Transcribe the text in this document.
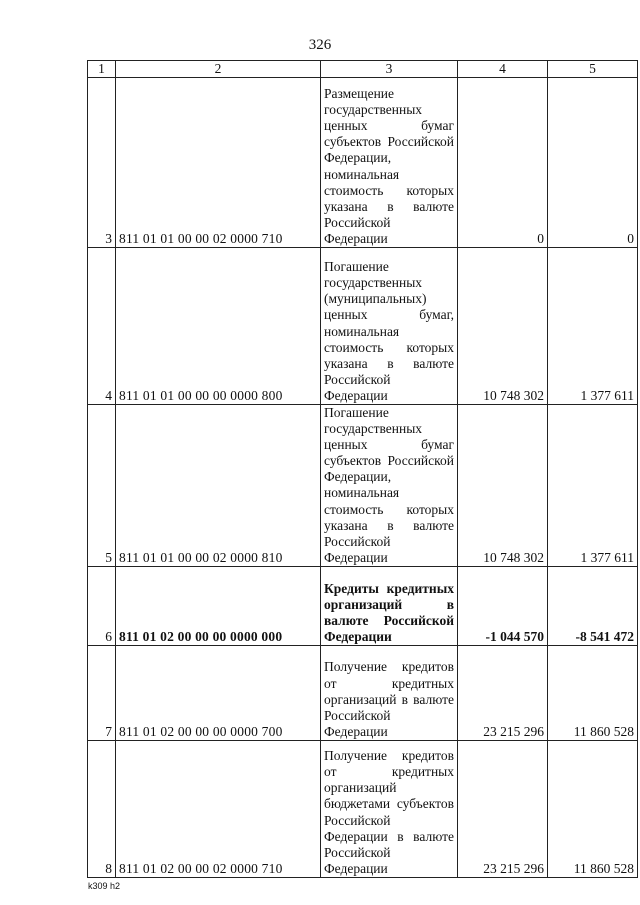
326
1	2	3	4	5
3	811 01 01 00 00 02 0000 710	Размещение государственных ценных бумаг субъектов Российской Федерации, номинальная стоимость которых указана в валюте Российской Федерации	0	0
4	811 01 01 00 00 00 0000 800	Погашение государственных (муниципальных) ценных бумаг, номинальная стоимость которых указана в валюте Российской Федерации	10 748 302	1 377 611
5	811 01 01 00 00 02 0000 810	Погашение государственных ценных бумаг субъектов Российской Федерации, номинальная стоимость которых указана в валюте Российской Федерации	10 748 302	1 377 611
6	811 01 02 00 00 00 0000 000	Кредиты кредитных организаций в валюте Российской Федерации	-1 044 570	-8 541 472
7	811 01 02 00 00 00 0000 700	Получение кредитов от кредитных организаций в валюте Российской Федерации	23 215 296	11 860 528
8	811 01 02 00 00 02 0000 710	Получение кредитов от кредитных организаций бюджетами субъектов Российской Федерации в валюте Российской Федерации	23 215 296	11 860 528
k309 h2
